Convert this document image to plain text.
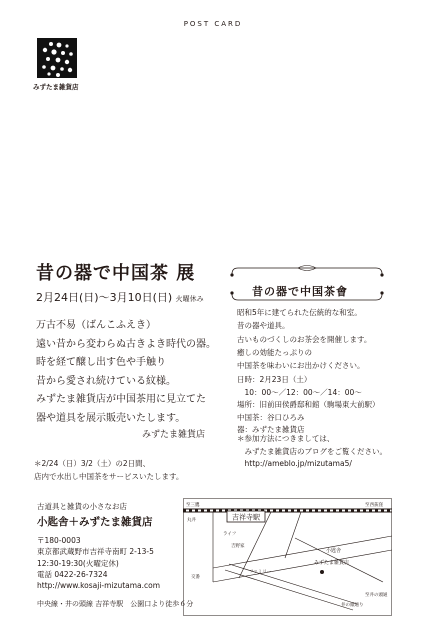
POST CARD
みずたま雑貨店
昔の器で中国茶 展
2月24日(日)～3月10日(日) 火曜休み
万古不易（ばんこふえき）
遠い昔から変わらぬ古きよき時代の器。
時を経て醸し出す色や手触り
昔から愛され続けている紋様。
みずたま雑貨店が中国茶用に見立てた
器や道具を展示販売いたします。
みずたま雑貨店
＊2/24（日）3/2（土）の2日間、
店内で水出し中国茶をサービスいたします。
昔の器で中国茶會
昭和5年に建てられた伝統的な和室。
昔の器や道具。
古いものづくしのお茶会を開催します。
癒しの効能たっぷりの
中国茶を味わいにお出かけください。
日時：2月23日（土）
　10：00～／12：00～／14：00～
場所：旧前田侯爵邸和館（駒場東大前駅）
中国茶：谷口ひろみ
器：みずたま雑貨店
＊参加方法につきましては、
　みずたま雑貨店のブログをご覧ください。
　http://ameblo.jp/mizutama5/
古道具と雑貨の小さなお店
小匙舎＋みずたま雑貨店
〒180-0003
東京都武蔵野市吉祥寺南町 2-13-5
12:30-19:30(火曜定休)
電話 0422-26-7324
http://www.kosaji-mizutama.com
中央線・井の頭線 吉祥寺駅　公園口より徒歩６分
吉祥寺駅
至三鷹	至西荻窪
丸井
ライフ
吉野家
ファミリー
交番
小匙舎
みずたま雑貨店
井の頭通り
至井の頭通
